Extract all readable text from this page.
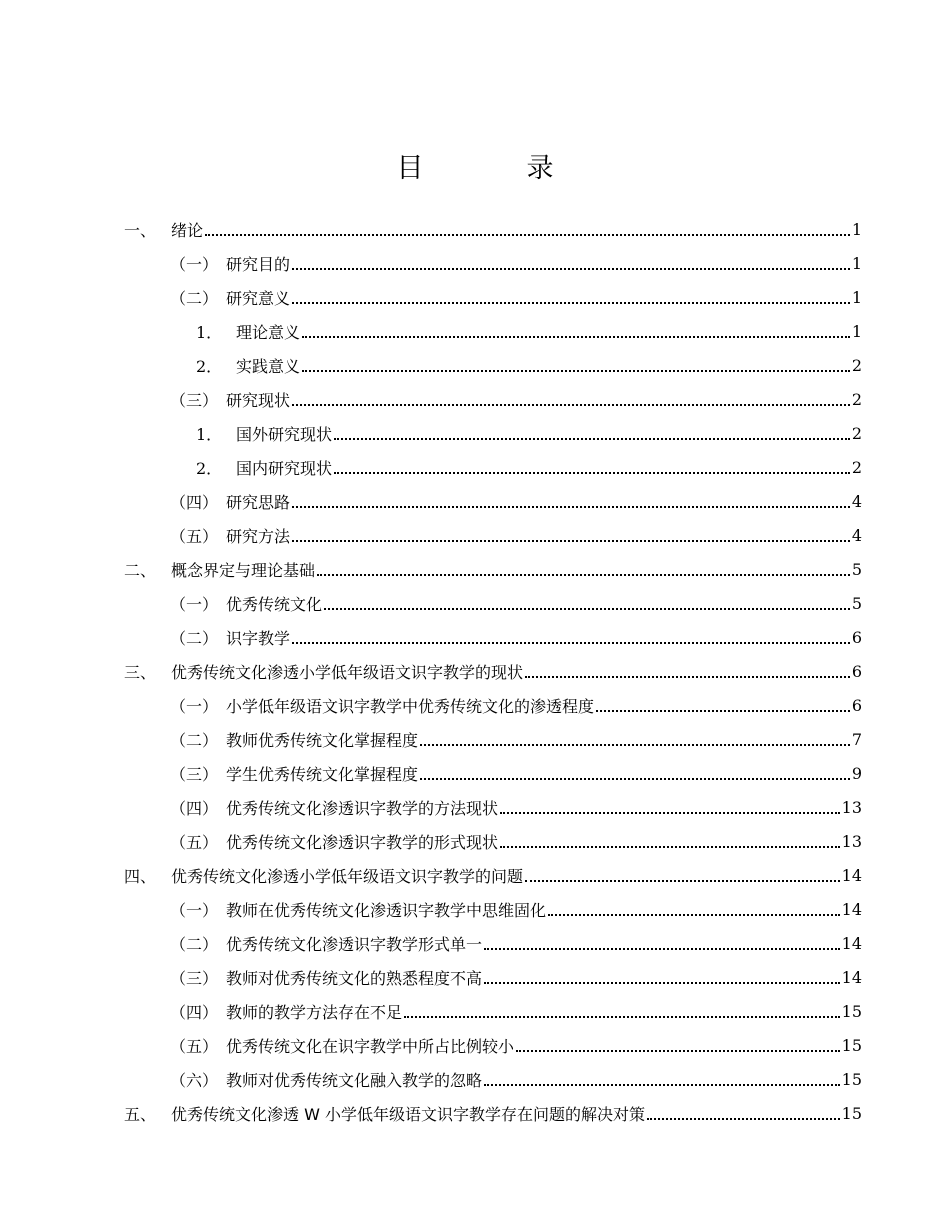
目　录
一、 绪论	1
（一） 研究目的	1
（二） 研究意义	1
1． 理论意义	1
2． 实践意义	2
（三） 研究现状	2
1． 国外研究现状	2
2． 国内研究现状	2
（四） 研究思路	4
（五） 研究方法	4
二、 概念界定与理论基础	5
（一） 优秀传统文化	5
（二） 识字教学	6
三、 优秀传统文化渗透小学低年级语文识字教学的现状	6
（一） 小学低年级语文识字教学中优秀传统文化的渗透程度	6
（二） 教师优秀传统文化掌握程度	7
（三） 学生优秀传统文化掌握程度	9
（四） 优秀传统文化渗透识字教学的方法现状	13
（五） 优秀传统文化渗透识字教学的形式现状	13
四、 优秀传统文化渗透小学低年级语文识字教学的问题	14
（一） 教师在优秀传统文化渗透识字教学中思维固化	14
（二） 优秀传统文化渗透识字教学形式单一	14
（三） 教师对优秀传统文化的熟悉程度不高	14
（四） 教师的教学方法存在不足	15
（五） 优秀传统文化在识字教学中所占比例较小	15
（六） 教师对优秀传统文化融入教学的忽略	15
五、 优秀传统文化渗透 W 小学低年级语文识字教学存在问题的解决对策	15
